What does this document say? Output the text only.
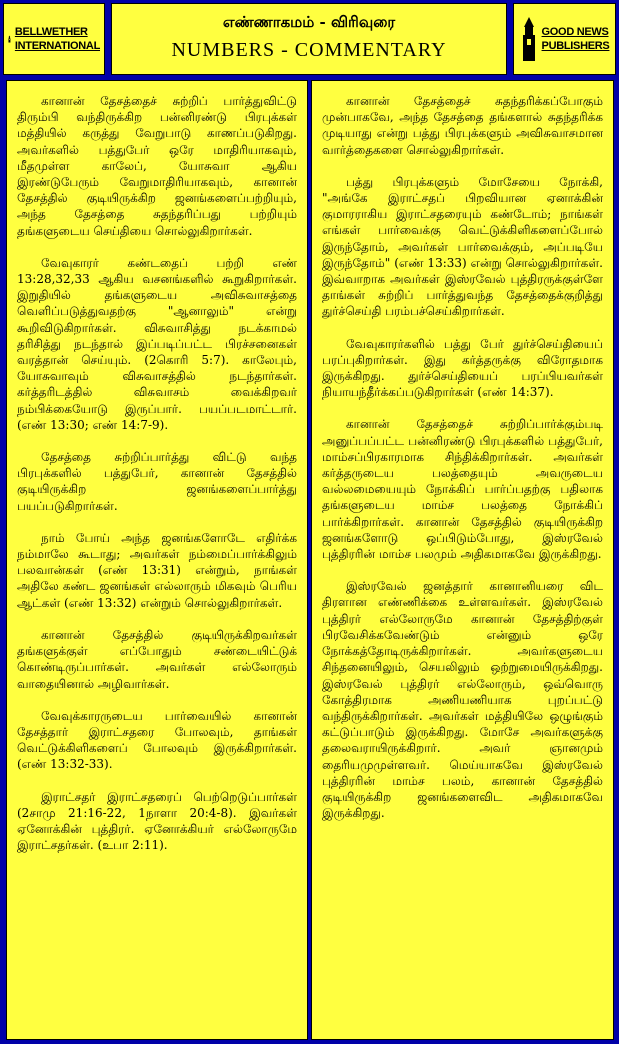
BELLWETHER
INTERNATIONAL
எண்ணாகமம் - விரிவுரை
NUMBERS - COMMENTARY
GOOD NEWS
PUBLISHERS

கானான் தேசத்தைச் சுற்றிப் பார்த்துவிட்டு திரும்பி வந்திருக்கிற பன்னிரண்டு பிரபுக்கள் மத்தியில் கருத்து வேறுபாடு காணப்படுகிறது. அவர்களில் பத்துபேர் ஒரே மாதிரியாகவும், மீதமுள்ள காலேப், யோசுவா ஆகிய இரண்டுபேரும் வேறுமாதிரியாகவும், கானான் தேசத்தில் குடியிருக்கிற ஜனங்களைப்பற்றியும், அந்த தேசத்தை சுதந்தரிப்பது பற்றியும் தங்களுடைய செய்தியை சொல்லுகிறார்கள்.

வேவுகாரர் கண்டதைப் பற்றி எண் 13:28,32,33 ஆகிய வசனங்களில் கூறுகிறார்கள். இறுதியில் தங்களுடைய அவிசுவாசத்தை வெளிப்படுத்துவதற்கு "ஆனாலும்" என்று கூறிவிடுகிறார்கள். விசுவாசித்து நடக்காமல் தரிசித்து நடந்தால் இப்படிப்பட்ட பிரச்சனைகள் வரத்தான் செய்யும். (2கொரி 5:7). காலேபும், யோசுவாவும் விசுவாசத்தில் நடந்தார்கள். கர்த்தரிடத்தில் விசுவாசம் வைக்கிறவர் நம்பிக்கையோடு இருப்பார். பயப்படமாட்டார். (எண் 13:30; எண் 14:7-9).

தேசத்தை சுற்றிப்பார்த்து விட்டு வந்த பிரபுக்களில் பத்துபேர், கானான் தேசத்தில் குடியிருக்கிற ஜனங்களைப்பார்த்து பயப்படுகிறார்கள்.

நாம் போய் அந்த ஜனங்களோடே எதிர்க்க நம்மாலே கூடாது; அவர்கள் நம்மைப்பார்க்கிலும் பலவான்கள் (எண் 13:31) என்றும், நாங்கள் அதிலே கண்ட ஜனங்கள் எல்லாரும் மிகவும் பெரிய ஆட்கள் (எண் 13:32) என்றும் சொல்லுகிறார்கள்.

கானான் தேசத்தில் குடியிருக்கிறவர்கள் தங்களுக்குள் எப்போதும் சண்டையிட்டுக் கொண்டிருப்பார்கள். அவர்கள் எல்லோரும் வாதையினால் அழிவார்கள்.

வேவுக்காரருடைய பார்வையில் கானான் தேசத்தார் இராட்சதரை போலவும், தாங்கள் வெட்டுக்கிளிகளைப் போலவும் இருக்கிறார்கள். (எண் 13:32-33).

இராட்சதர் இராட்சதரைப் பெற்றெடுப்பார்கள் (2சாமு 21:16-22, 1நாளா 20:4-8). இவர்கள் ஏனோக்கின் புத்திரர். ஏனோக்கியர் எல்லோருமே இராட்சதர்கள். (உபா 2:11).

கானான் தேசத்தைச் சுதந்தரிக்கப்போகும் முன்பாகவே, அந்த தேசத்தை தங்களால் சுதந்தரிக்க முடியாது என்று பத்து பிரபுக்களும் அவிசுவாசமான வார்த்தைகளை சொல்லுகிறார்கள்.

பத்து பிரபுக்களும் மோசேயை நோக்கி, "அங்கே இராட்சதப் பிறவியான ஏனாக்கின் குமாரராகிய இராட்சதரையும் கண்டோம்; நாங்கள் எங்கள் பார்வைக்கு வெட்டுக்கிளிகளைப்போல் இருந்தோம், அவர்கள் பார்வைக்கும், அப்படியே இருந்தோம்" (எண் 13:33) என்று சொல்லுகிறார்கள். இவ்வாறாக அவர்கள் இஸ்ரவேல் புத்திரருக்குள்ளே தாங்கள் சுற்றிப் பார்த்துவந்த தேசத்தைக்குறித்து துர்ச்செய்தி பரம்பச்செய்கிறார்கள்.

வேவுகாரர்களில் பத்து பேர் துர்ச்செய்தியைப் பரப்புகிறார்கள். இது கர்த்தருக்கு விரோதமாக இருக்கிறது. துர்ச்செய்தியைப் பரப்பியவர்கள் நியாயந்தீர்க்கப்படுகிறார்கள் (எண் 14:37).

கானான் தேசத்தைச் சுற்றிப்பார்க்கும்படி அனுப்பப்பட்ட பன்னிரண்டு பிரபுக்களில் பத்துபேர், மாம்சப்பிரகாரமாக சிந்திக்கிறார்கள். அவர்கள் கர்த்தருடைய பலத்தையும் அவருடைய வல்லமையையும் நோக்கிப் பார்ப்பதற்கு பதிலாக தங்களுடைய மாம்ச பலத்தை நோக்கிப் பார்க்கிறார்கள். கானான் தேசத்தில் குடியிருக்கிற ஜனங்களோடு ஒப்பிடும்போது, இஸ்ரவேல் புத்திரரின் மாம்ச பலமும் அதிகமாகவே இருக்கிறது.

இஸ்ரவேல் ஜனத்தார் கானானியரை விட திரளான எண்ணிக்கை உள்ளவர்கள். இஸ்ரவேல் புத்திரர் எல்லோருமே கானான் தேசத்திற்குள் பிரவேசிக்கவேண்டும் என்னும் ஒரே நோக்கத்தோடிருக்கிறார்கள். அவர்களுடைய சிந்தனையிலும், செயலிலும் ஒற்றுமையிருக்கிறது. இஸ்ரவேல் புத்திரர் எல்லோரும், ஒவ்வொரு கோத்திரமாக அணியணியாக புறப்பட்டு வந்திருக்கிறார்கள். அவர்கள் மத்தியிலே ஒழுங்கும் கட்டுப்பாடும் இருக்கிறது. மோசே அவர்களுக்கு தலைவராயிருக்கிறார். அவர் ஞானமும் தைரியமுமுள்ளவர். மெய்யாகவே இஸ்ரவேல் புத்திரரின் மாம்ச பலம், கானான் தேசத்தில் குடியிருக்கிற ஜனங்களைவிட அதிகமாகவே இருக்கிறது.
